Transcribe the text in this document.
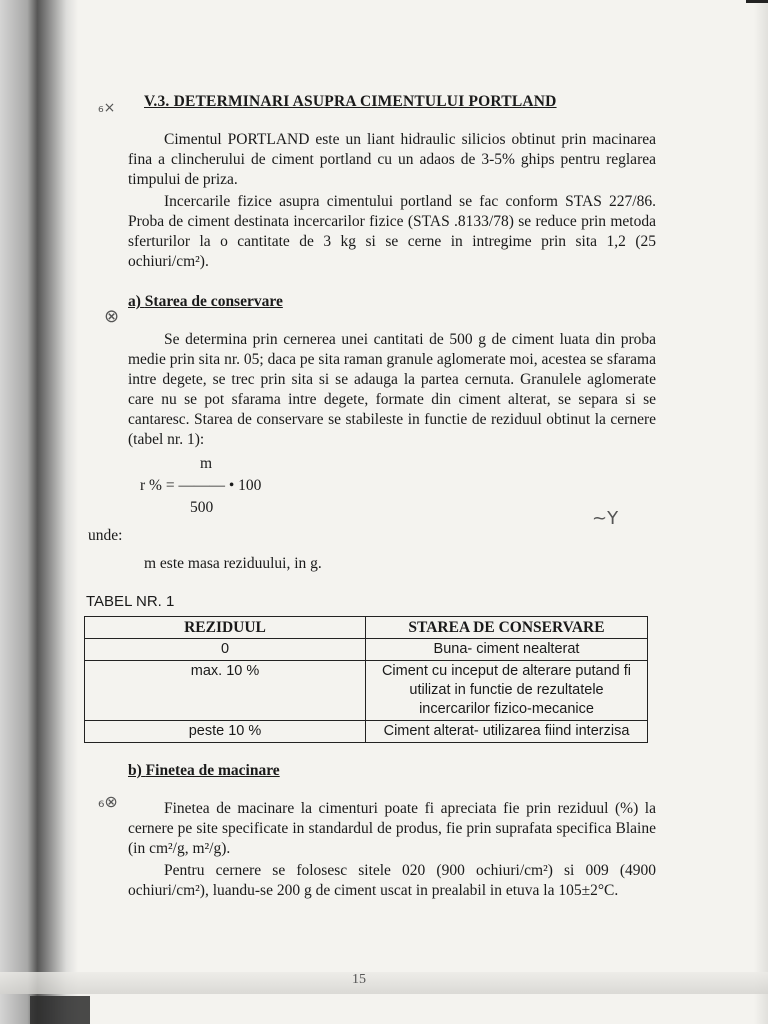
₆×
⊗
~Y
₆⊗
V.3. DETERMINARI ASUPRA CIMENTULUI PORTLAND

Cimentul PORTLAND este un liant hidraulic silicios obtinut prin macinarea fina a clincherului de ciment portland cu un adaos de 3-5% ghips pentru reglarea timpului de priza.

Incercarile fizice asupra cimentului portland se fac conform STAS 227/86. Proba de ciment destinata incercarilor fizice (STAS .8133/78) se reduce prin metoda sferturilor la o cantitate de 3 kg si se cerne in intregime prin sita 1,2 (25 ochiuri/cm²).

a) Starea de conservare

Se determina prin cernerea unei cantitati de 500 g de ciment luata din proba medie prin sita nr. 05; daca pe sita raman granule aglomerate moi, acestea se sfarama intre degete, se trec prin sita si se adauga la partea cernuta. Granulele aglomerate care nu se pot sfarama intre degete, formate din ciment alterat, se separa si se cantaresc. Starea de conservare se stabileste in functie de reziduul obtinut la cernere (tabel nr. 1):

m
r % = ——— • 100
500

unde:

m este masa reziduului, in g.

TABEL NR. 1

REZIDUUL	STAREA DE CONSERVARE
0	Buna- ciment nealterat
max. 10 %	Ciment cu inceput de alterare putand fi utilizat in functie de rezultatele incercarilor fizico-mecanice
peste 10 %	Ciment alterat- utilizarea fiind interzisa
b) Finetea de macinare

Finetea de macinare la cimenturi poate fi apreciata fie prin reziduul (%) la cernere pe site specificate in standardul de produs, fie prin suprafata specifica Blaine (in cm²/g, m²/g).

Pentru cernere se folosesc sitele 020 (900 ochiuri/cm²) si 009 (4900 ochiuri/cm²), luandu-se 200 g de ciment uscat in prealabil in etuva la 105±2°C.

15
